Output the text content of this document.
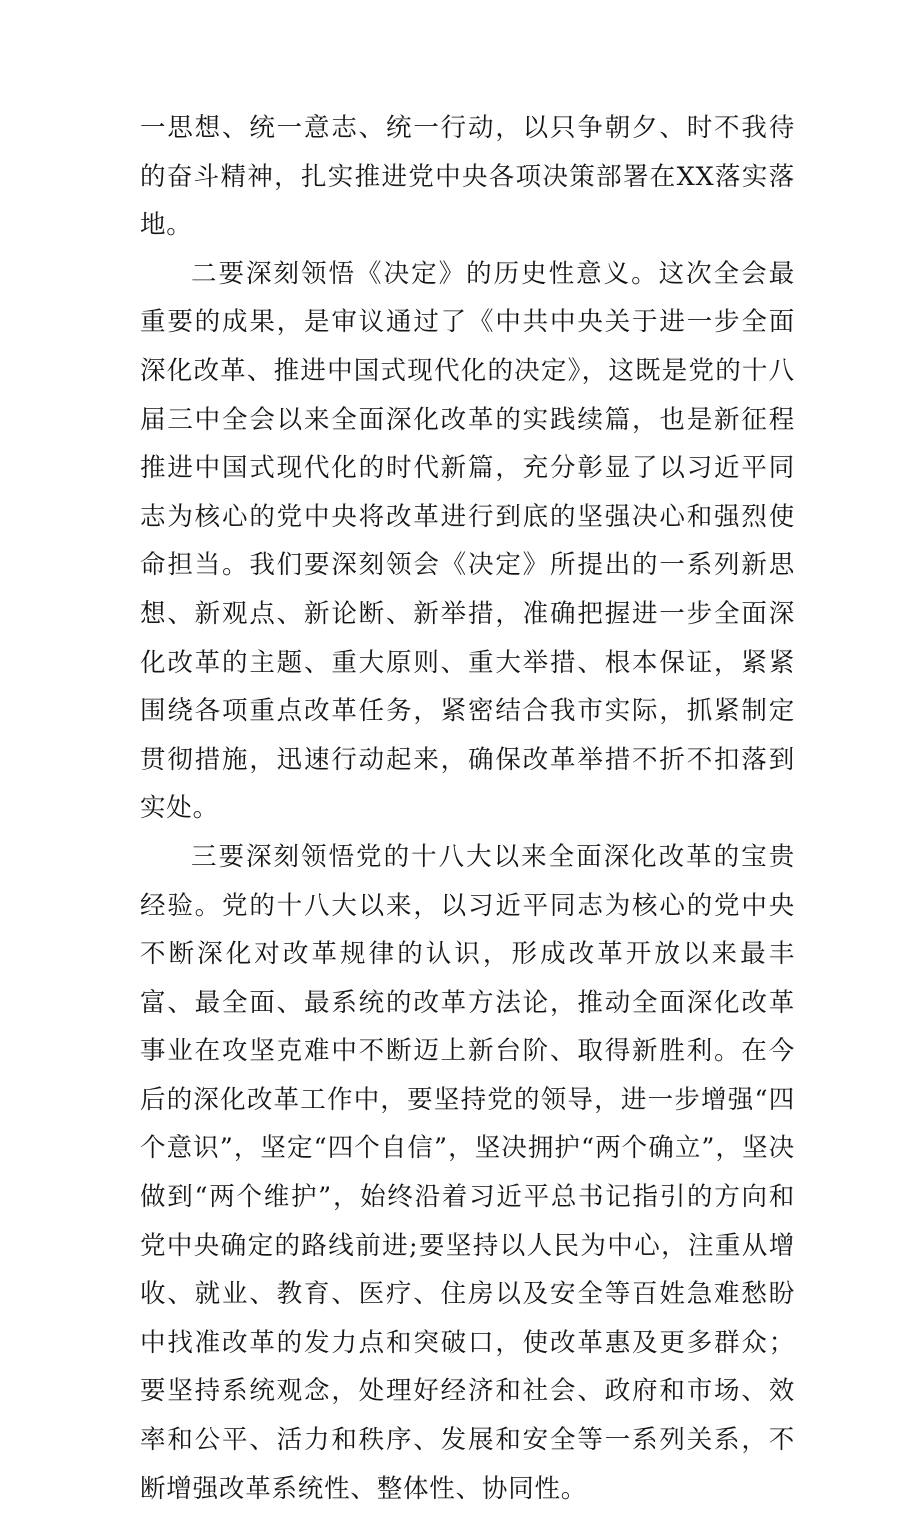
一思想、统一意志、统一行动，以只争朝夕、时不我待的奋斗精神，扎实推进党中央各项决策部署在XX落实落地。

二要深刻领悟《决定》的历史性意义。这次全会最重要的成果，是审议通过了《中共中央关于进一步全面深化改革、推进中国式现代化的决定》，这既是党的十八届三中全会以来全面深化改革的实践续篇，也是新征程推进中国式现代化的时代新篇，充分彰显了以习近平同志为核心的党中央将改革进行到底的坚强决心和强烈使命担当。我们要深刻领会《决定》所提出的一系列新思想、新观点、新论断、新举措，准确把握进一步全面深化改革的主题、重大原则、重大举措、根本保证，紧紧围绕各项重点改革任务，紧密结合我市实际，抓紧制定贯彻措施，迅速行动起来，确保改革举措不折不扣落到实处。

三要深刻领悟党的十八大以来全面深化改革的宝贵经验。党的十八大以来，以习近平同志为核心的党中央不断深化对改革规律的认识，形成改革开放以来最丰富、最全面、最系统的改革方法论，推动全面深化改革事业在攻坚克难中不断迈上新台阶、取得新胜利。在今后的深化改革工作中，要坚持党的领导，进一步增强“四个意识”，坚定“四个自信”，坚决拥护“两个确立”，坚决做到“两个维护”，始终沿着习近平总书记指引的方向和党中央确定的路线前进;要坚持以人民为中心，注重从增收、就业、教育、医疗、住房以及安全等百姓急难愁盼中找准改革的发力点和突破口，使改革惠及更多群众；要坚持系统观念，处理好经济和社会、政府和市场、效率和公平、活力和秩序、发展和安全等一系列关系，不断增强改革系统性、整体性、协同性。
